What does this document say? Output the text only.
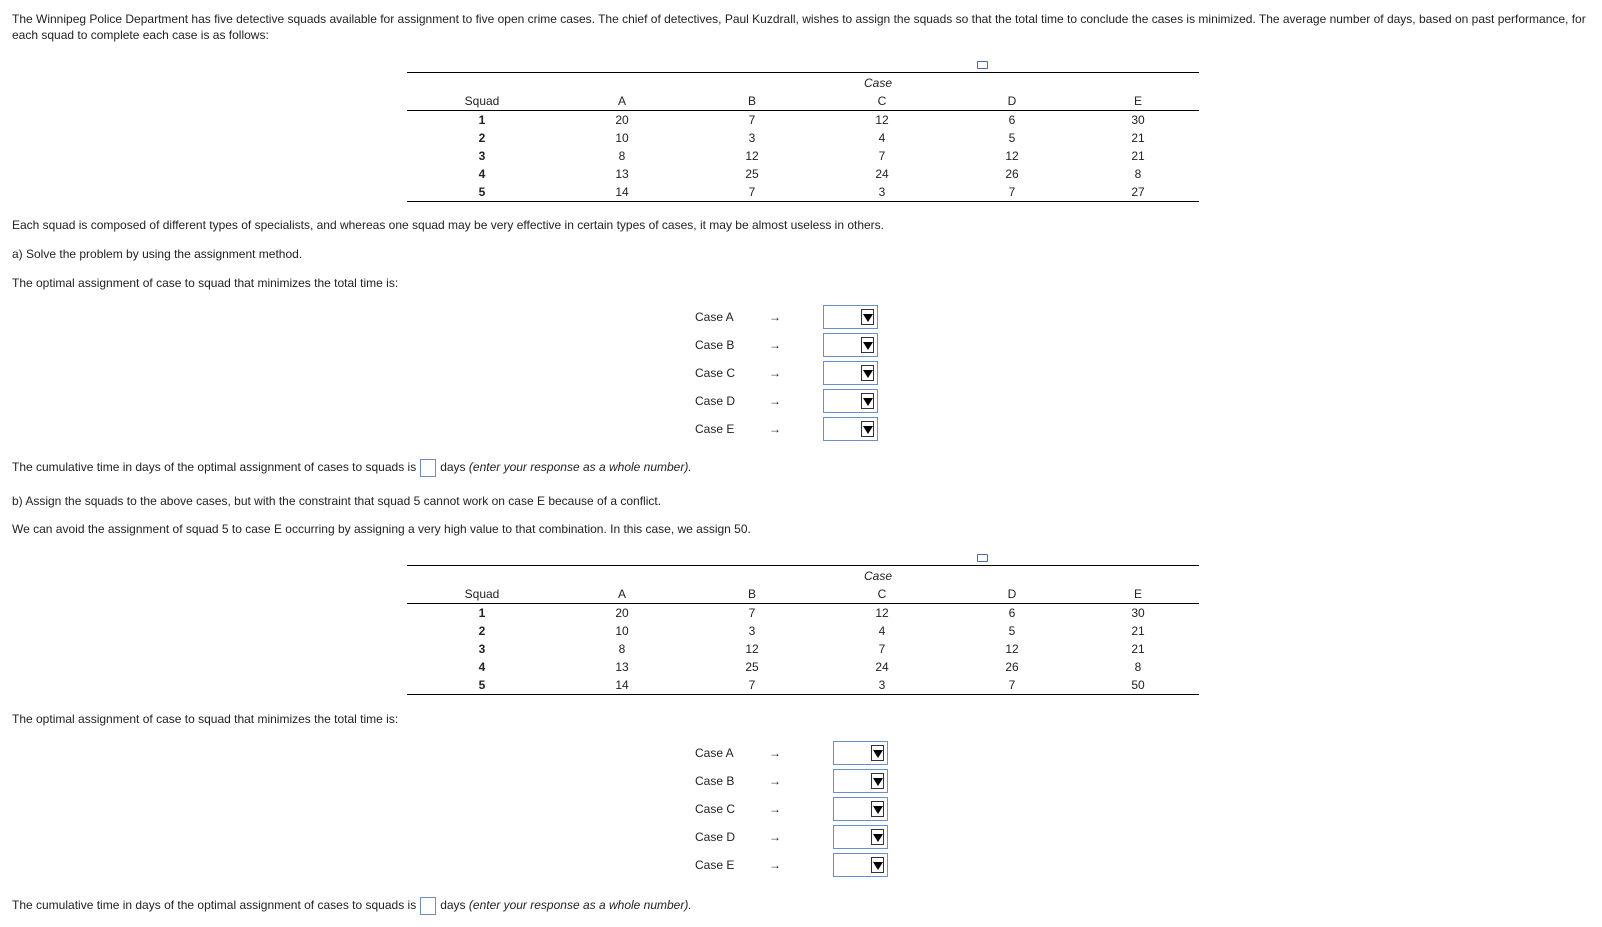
The Winnipeg Police Department has five detective squads available for assignment to five open crime cases. The chief of detectives, Paul Kuzdrall, wishes to assign the squads so that the total time to conclude the cases is minimized. The average number of days, based on past performance, for each squad to complete each case is as follows:
	Case				
Squad	A	B	C	D	E
1	20	7	12	6	30
2	10	3	4	5	21
3	8	12	7	12	21
4	13	25	24	26	8
5	14	7	3	7	27
Each squad is composed of different types of specialists, and whereas one squad may be very effective in certain types of cases, it may be almost useless in others.
a) Solve the problem by using the assignment method.
The optimal assignment of case to squad that minimizes the total time is:
Case A	→
Case B	→
Case C	→
Case D	→
Case E	→
The cumulative time in days of the optimal assignment of cases to squads is days (enter your response as a whole number).
b) Assign the squads to the above cases, but with the constraint that squad 5 cannot work on case E because of a conflict.
We can avoid the assignment of squad 5 to case E occurring by assigning a very high value to that combination. In this case, we assign 50.
	Case				
Squad	A	B	C	D	E
1	20	7	12	6	30
2	10	3	4	5	21
3	8	12	7	12	21
4	13	25	24	26	8
5	14	7	3	7	50
The optimal assignment of case to squad that minimizes the total time is:
Case A	→
Case B	→
Case C	→
Case D	→
Case E	→
The cumulative time in days of the optimal assignment of cases to squads is days (enter your response as a whole number).
